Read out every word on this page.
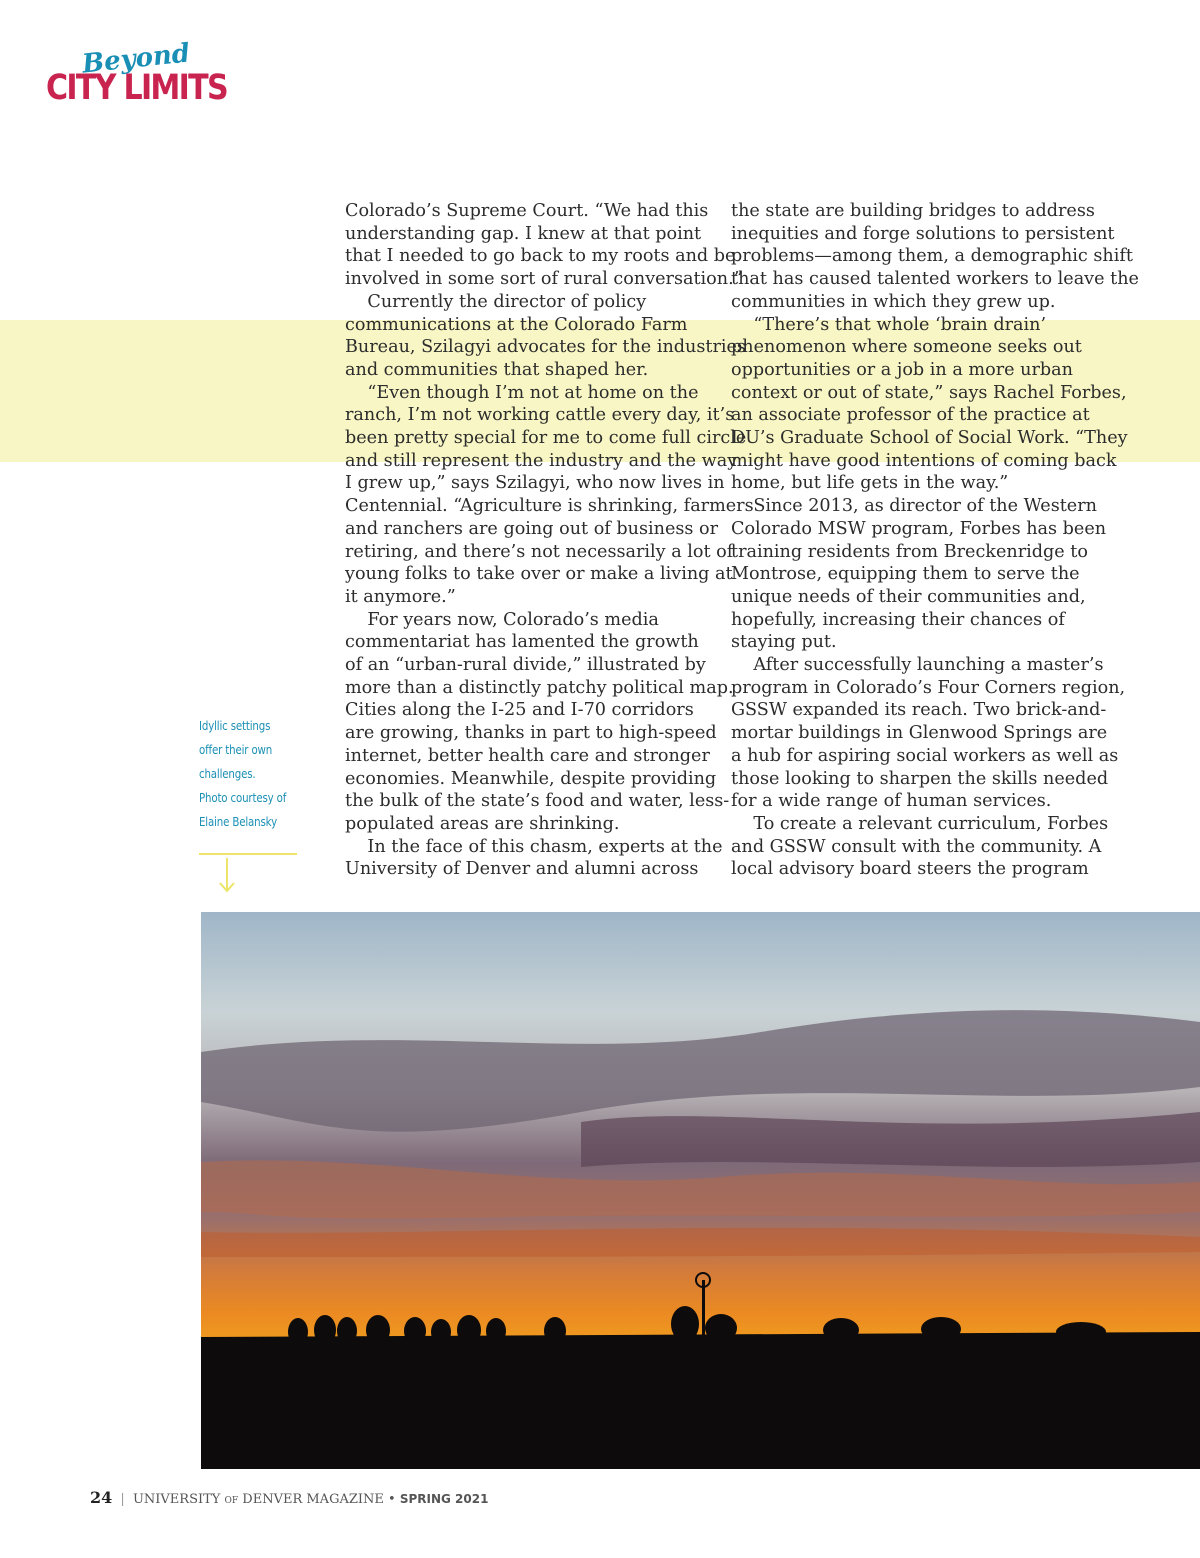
Beyond
CITY LIMITS
Colorado’s Supreme Court. “We had this
understanding gap. I knew at that point
that I needed to go back to my roots and be
involved in some sort of rural conversation.”
Currently the director of policy
communications at the Colorado Farm
Bureau, Szilagyi advocates for the industries
and communities that shaped her.
“Even though I’m not at home on the
ranch, I’m not working cattle every day, it’s
been pretty special for me to come full circle
and still represent the industry and the way
I grew up,” says Szilagyi, who now lives in
Centennial. “Agriculture is shrinking, farmers
and ranchers are going out of business or
retiring, and there’s not necessarily a lot of
young folks to take over or make a living at
it anymore.”
For years now, Colorado’s media
commentariat has lamented the growth
of an “urban-rural divide,” illustrated by
more than a distinctly patchy political map.
Cities along the I-25 and I-70 corridors
are growing, thanks in part to high-speed
internet, better health care and stronger
economies. Meanwhile, despite providing
the bulk of the state’s food and water, less-
populated areas are shrinking.
In the face of this chasm, experts at the
University of Denver and alumni across
the state are building bridges to address
inequities and forge solutions to persistent
problems—among them, a demographic shift
that has caused talented workers to leave the
communities in which they grew up.
“There’s that whole ‘brain drain’
phenomenon where someone seeks out
opportunities or a job in a more urban
context or out of state,” says Rachel Forbes,
an associate professor of the practice at
DU’s Graduate School of Social Work. “They
might have good intentions of coming back
home, but life gets in the way.”
Since 2013, as director of the Western
Colorado MSW program, Forbes has been
training residents from Breckenridge to
Montrose, equipping them to serve the
unique needs of their communities and,
hopefully, increasing their chances of
staying put.
After successfully launching a master’s
program in Colorado’s Four Corners region,
GSSW expanded its reach. Two brick-and-
mortar buildings in Glenwood Springs are
a hub for aspiring social workers as well as
those looking to sharpen the skills needed
for a wide range of human services.
To create a relevant curriculum, Forbes
and GSSW consult with the community. A
local advisory board steers the program
Idyllic settings
offer their own
challenges.
Photo courtesy of
Elaine Belansky
24 | UNIVERSITY OF DENVER MAGAZINE • SPRING 2021
